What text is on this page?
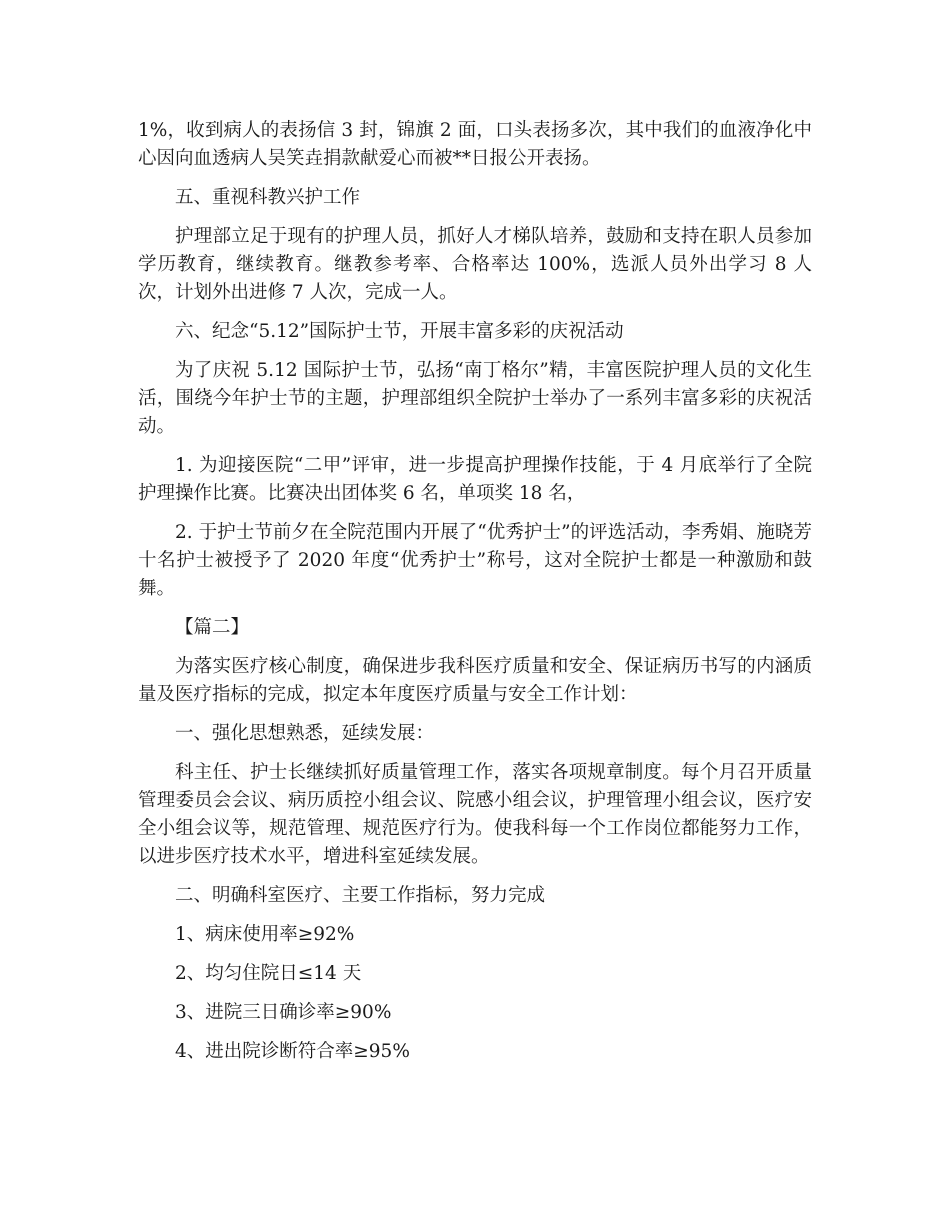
1%，收到病人的表扬信 3 封，锦旗 2 面，口头表扬多次，其中我们的血液净化中心因向血透病人吴笑垚捐款献爱心而被**日报公开表扬。

五、重视科教兴护工作

护理部立足于现有的护理人员，抓好人才梯队培养，鼓励和支持在职人员参加学历教育，继续教育。继教参考率、合格率达 100%，选派人员外出学习 8 人次，计划外出进修 7 人次，完成一人。

六、纪念“5.12”国际护士节，开展丰富多彩的庆祝活动

为了庆祝 5.12 国际护士节，弘扬“南丁格尔”精，丰富医院护理人员的文化生活，围绕今年护士节的主题，护理部组织全院护士举办了一系列丰富多彩的庆祝活动。

1. 为迎接医院“二甲”评审，进一步提高护理操作技能，于 4 月底举行了全院护理操作比赛。比赛决出团体奖 6 名，单项奖 18 名，

2. 于护士节前夕在全院范围内开展了“优秀护士”的评选活动，李秀娟、施晓芳十名护士被授予了 2020 年度“优秀护士”称号，这对全院护士都是一种激励和鼓舞。

【篇二】

为落实医疗核心制度，确保进步我科医疗质量和安全、保证病历书写的内涵质量及医疗指标的完成，拟定本年度医疗质量与安全工作计划：

一、强化思想熟悉，延续发展：

科主任、护士长继续抓好质量管理工作，落实各项规章制度。每个月召开质量管理委员会会议、病历质控小组会议、院感小组会议，护理管理小组会议，医疗安全小组会议等，规范管理、规范医疗行为。使我科每一个工作岗位都能努力工作，以进步医疗技术水平，增进科室延续发展。

二、明确科室医疗、主要工作指标，努力完成

1、病床使用率≥92%

2、均匀住院日≤14 天

3、进院三日确诊率≥90%

4、进出院诊断符合率≥95%
